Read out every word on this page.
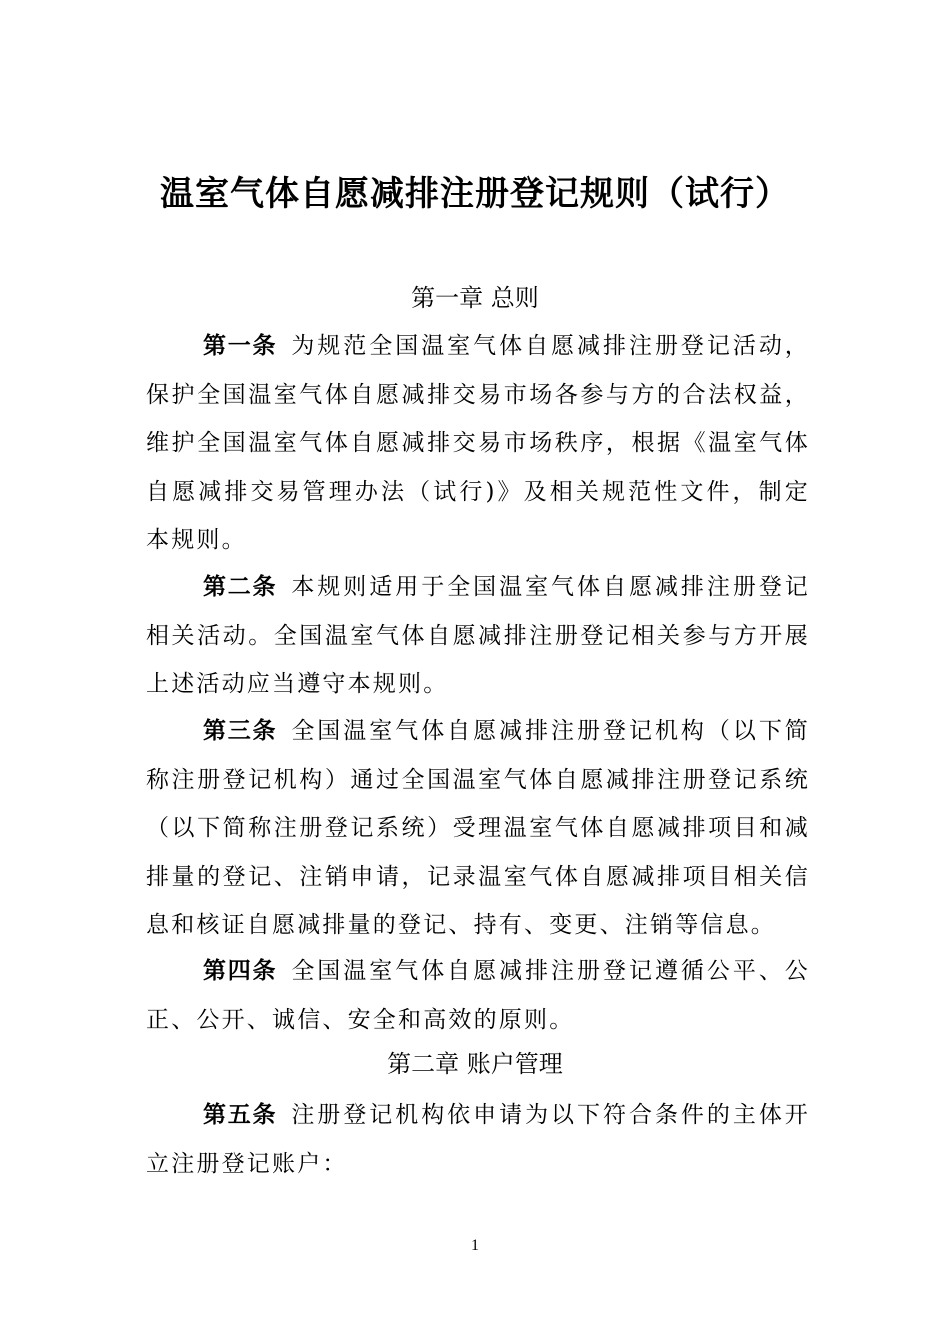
温室气体自愿减排注册登记规则（试行）
第一章 总则

第一条 为规范全国温室气体自愿减排注册登记活动，保护全国温室气体自愿减排交易市场各参与方的合法权益，维护全国温室气体自愿减排交易市场秩序，根据《温室气体自愿减排交易管理办法（试行)》及相关规范性文件，制定本规则。

第二条 本规则适用于全国温室气体自愿减排注册登记相关活动。全国温室气体自愿减排注册登记相关参与方开展上述活动应当遵守本规则。

第三条 全国温室气体自愿减排注册登记机构（以下简称注册登记机构）通过全国温室气体自愿减排注册登记系统（以下简称注册登记系统）受理温室气体自愿减排项目和减排量的登记、注销申请，记录温室气体自愿减排项目相关信息和核证自愿减排量的登记、持有、变更、注销等信息。

第四条 全国温室气体自愿减排注册登记遵循公平、公正、公开、诚信、安全和高效的原则。

第二章 账户管理

第五条 注册登记机构依申请为以下符合条件的主体开立注册登记账户：

1
